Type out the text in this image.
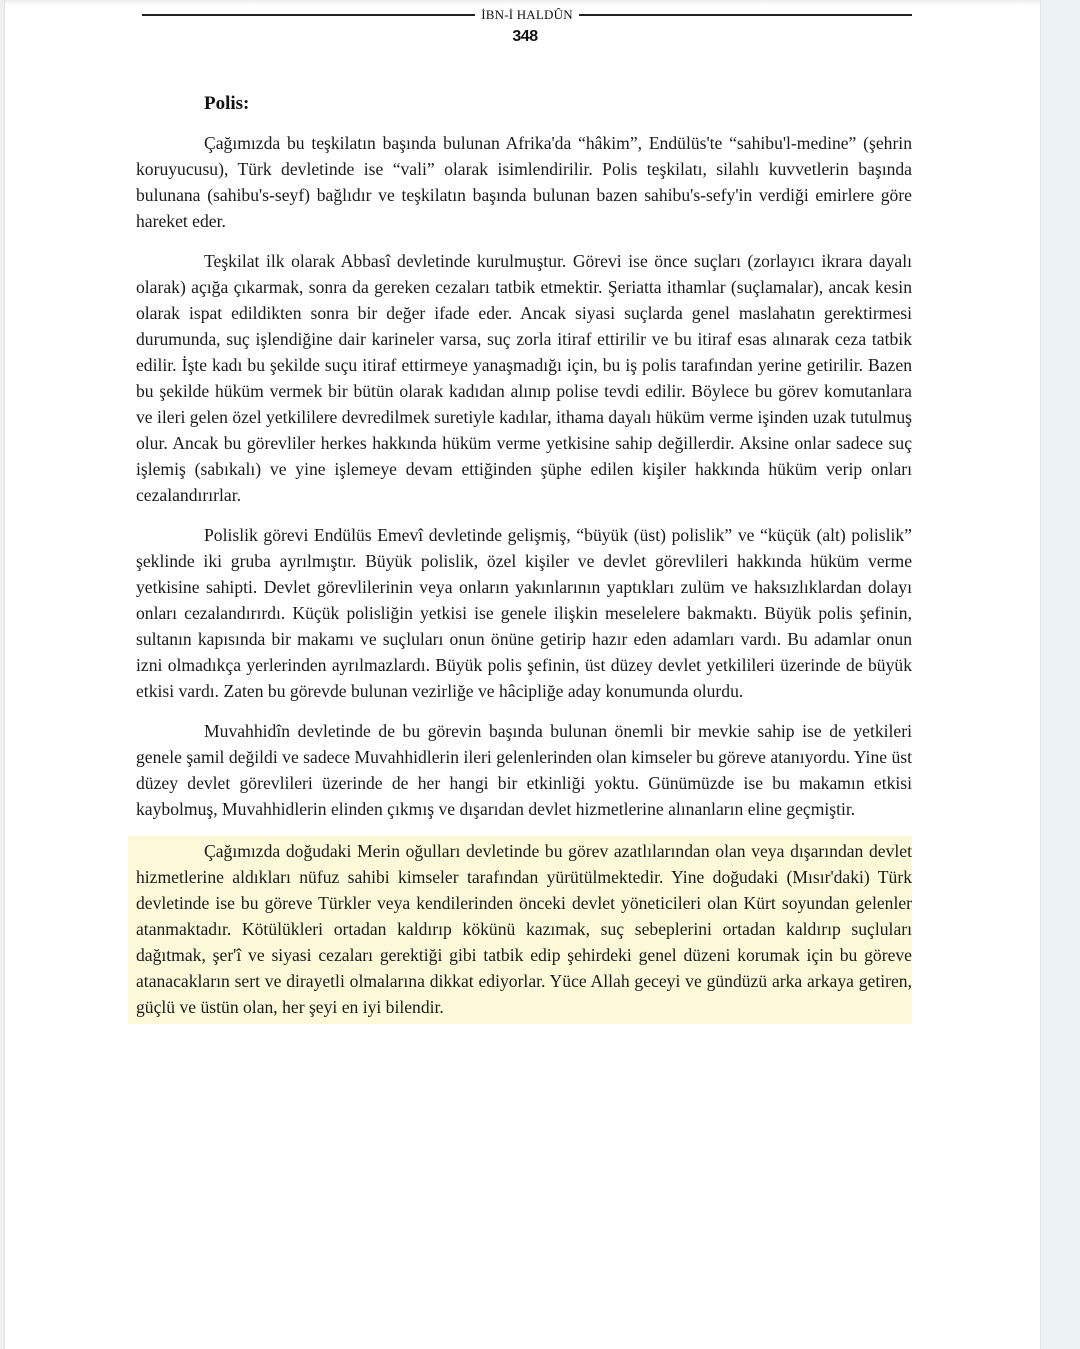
İBN-İ HALDÛN
348
Polis:

Çağımızda bu teşkilatın başında bulunan Afrika'da “hâkim”, Endülüs'te “sahibu'l-medine” (şehrin koruyucusu), Türk devletinde ise “vali” olarak isimlendirilir. Polis teşkilatı, silahlı kuvvetlerin başında bulunana (sahibu's-seyf) bağlıdır ve teşkilatın başında bulunan bazen sahibu's-sefy'in verdiği emirlere göre hareket eder.

Teşkilat ilk olarak Abbasî devletinde kurulmuştur. Görevi ise önce suçları (zorlayıcı ikrara dayalı olarak) açığa çıkarmak, sonra da gereken cezaları tatbik etmektir. Şeriatta ithamlar (suçlamalar), ancak kesin olarak ispat edildikten sonra bir değer ifade eder. Ancak siyasi suçlarda genel maslahatın gerektirmesi durumunda, suç işlendiğine dair karineler varsa, suç zorla itiraf ettirilir ve bu itiraf esas alınarak ceza tatbik edilir. İşte kadı bu şekilde suçu itiraf ettirmeye yanaşmadığı için, bu iş polis tarafından yerine getirilir. Bazen bu şekilde hüküm vermek bir bütün olarak kadıdan alınıp polise tevdi edilir. Böylece bu görev komutanlara ve ileri gelen özel yetkililere devredilmek suretiyle kadılar, ithama dayalı hüküm verme işinden uzak tutulmuş olur. Ancak bu görevliler herkes hakkında hüküm verme yetkisine sahip değillerdir. Aksine onlar sadece suç işlemiş (sabıkalı) ve yine işlemeye devam ettiğinden şüphe edilen kişiler hakkında hüküm verip onları cezalandırırlar.

Polislik görevi Endülüs Emevî devletinde gelişmiş, “büyük (üst) polislik” ve “küçük (alt) polislik” şeklinde iki gruba ayrılmıştır. Büyük polislik, özel kişiler ve devlet görevlileri hakkında hüküm verme yetkisine sahipti. Devlet görevlilerinin veya onların yakınlarının yaptıkları zulüm ve haksızlıklardan dolayı onları cezalandırırdı. Küçük polisliğin yetkisi ise genele ilişkin meselelere bakmaktı. Büyük polis şefinin, sultanın kapısında bir makamı ve suçluları onun önüne getirip hazır eden adamları vardı. Bu adamlar onun izni olmadıkça yerlerinden ayrılmazlardı. Büyük polis şefinin, üst düzey devlet yetkilileri üzerinde de büyük etkisi vardı. Zaten bu görevde bulunan vezirliğe ve hâcipliğe aday konumunda olurdu.

Muvahhidîn devletinde de bu görevin başında bulunan önemli bir mevkie sahip ise de yetkileri genele şamil değildi ve sadece Muvahhidlerin ileri gelenlerinden olan kimseler bu göreve atanıyordu. Yine üst düzey devlet görevlileri üzerinde de her hangi bir etkinliği yoktu. Günümüzde ise bu makamın etkisi kaybolmuş, Muvahhidlerin elinden çıkmış ve dışarıdan devlet hizmetlerine alınanların eline geçmiştir.

Çağımızda doğudaki Merin oğulları devletinde bu görev azatlılarından olan veya dışarından devlet hizmetlerine aldıkları nüfuz sahibi kimseler tarafından yürütülmektedir. Yine doğudaki (Mısır'daki) Türk devletinde ise bu göreve Türkler veya kendilerinden önceki devlet yöneticileri olan Kürt soyundan gelenler atanmaktadır. Kötülükleri ortadan kaldırıp kökünü kazımak, suç sebeplerini ortadan kaldırıp suçluları dağıtmak, şer'î ve siyasi cezaları gerektiği gibi tatbik edip şehirdeki genel düzeni korumak için bu göreve atanacakların sert ve dirayetli olmalarına dikkat ediyorlar. Yüce Allah geceyi ve gündüzü arka arkaya getiren, güçlü ve üstün olan, her şeyi en iyi bilendir.
